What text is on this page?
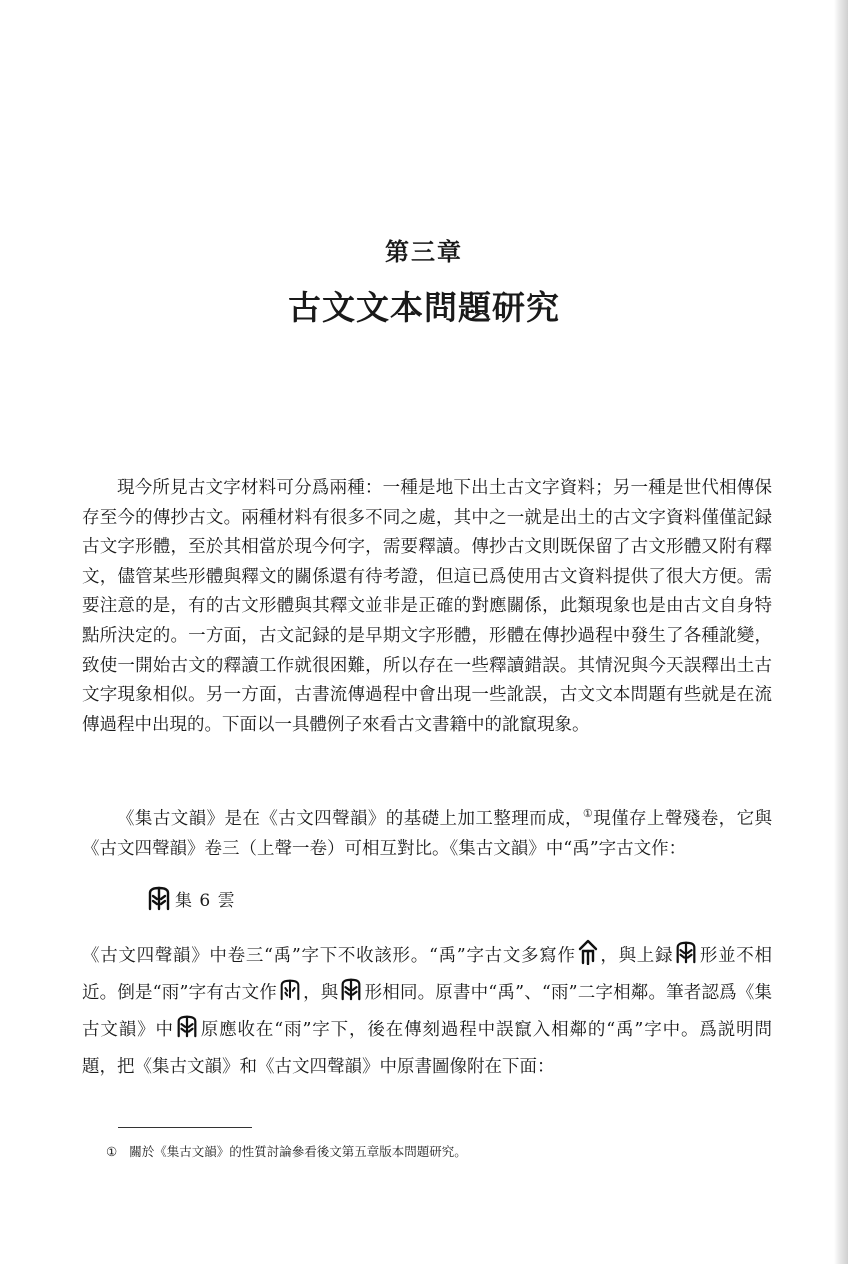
第三章
古文文本問題研究

現今所見古文字材料可分爲兩種：一種是地下出土古文字資料；另一種是世代相傳保存至今的傳抄古文。兩種材料有很多不同之處，其中之一就是出土的古文字資料僅僅記録古文字形體，至於其相當於現今何字，需要釋讀。傳抄古文則既保留了古文形體又附有釋文，儘管某些形體與釋文的關係還有待考證，但這已爲使用古文資料提供了很大方便。需要注意的是，有的古文形體與其釋文並非是正確的對應關係，此類現象也是由古文自身特點所決定的。一方面，古文記録的是早期文字形體，形體在傳抄過程中發生了各種訛變，致使一開始古文的釋讀工作就很困難，所以存在一些釋讀錯誤。其情況與今天誤釋出土古文字現象相似。另一方面，古書流傳過程中會出現一些訛誤，古文文本問題有些就是在流傳過程中出現的。下面以一具體例子來看古文書籍中的訛竄現象。

《集古文韻》是在《古文四聲韻》的基礎上加工整理而成，①現僅存上聲殘卷，它與《古文四聲韻》卷三（上聲一卷）可相互對比。《集古文韻》中“禹”字古文作：

集 6 雲

《古文四聲韻》中卷三“禹”字下不收該形。“禹”字古文多寫作 ，與上録 形並不相近。倒是“雨”字有古文作 ，與 形相同。原書中“禹”、“雨”二字相鄰。筆者認爲《集古文韻》中 原應收在“雨”字下，後在傳刻過程中誤竄入相鄰的“禹”字中。爲説明問題，把《集古文韻》和《古文四聲韻》中原書圖像附在下面：

① 關於《集古文韻》的性質討論參看後文第五章版本問題研究。
